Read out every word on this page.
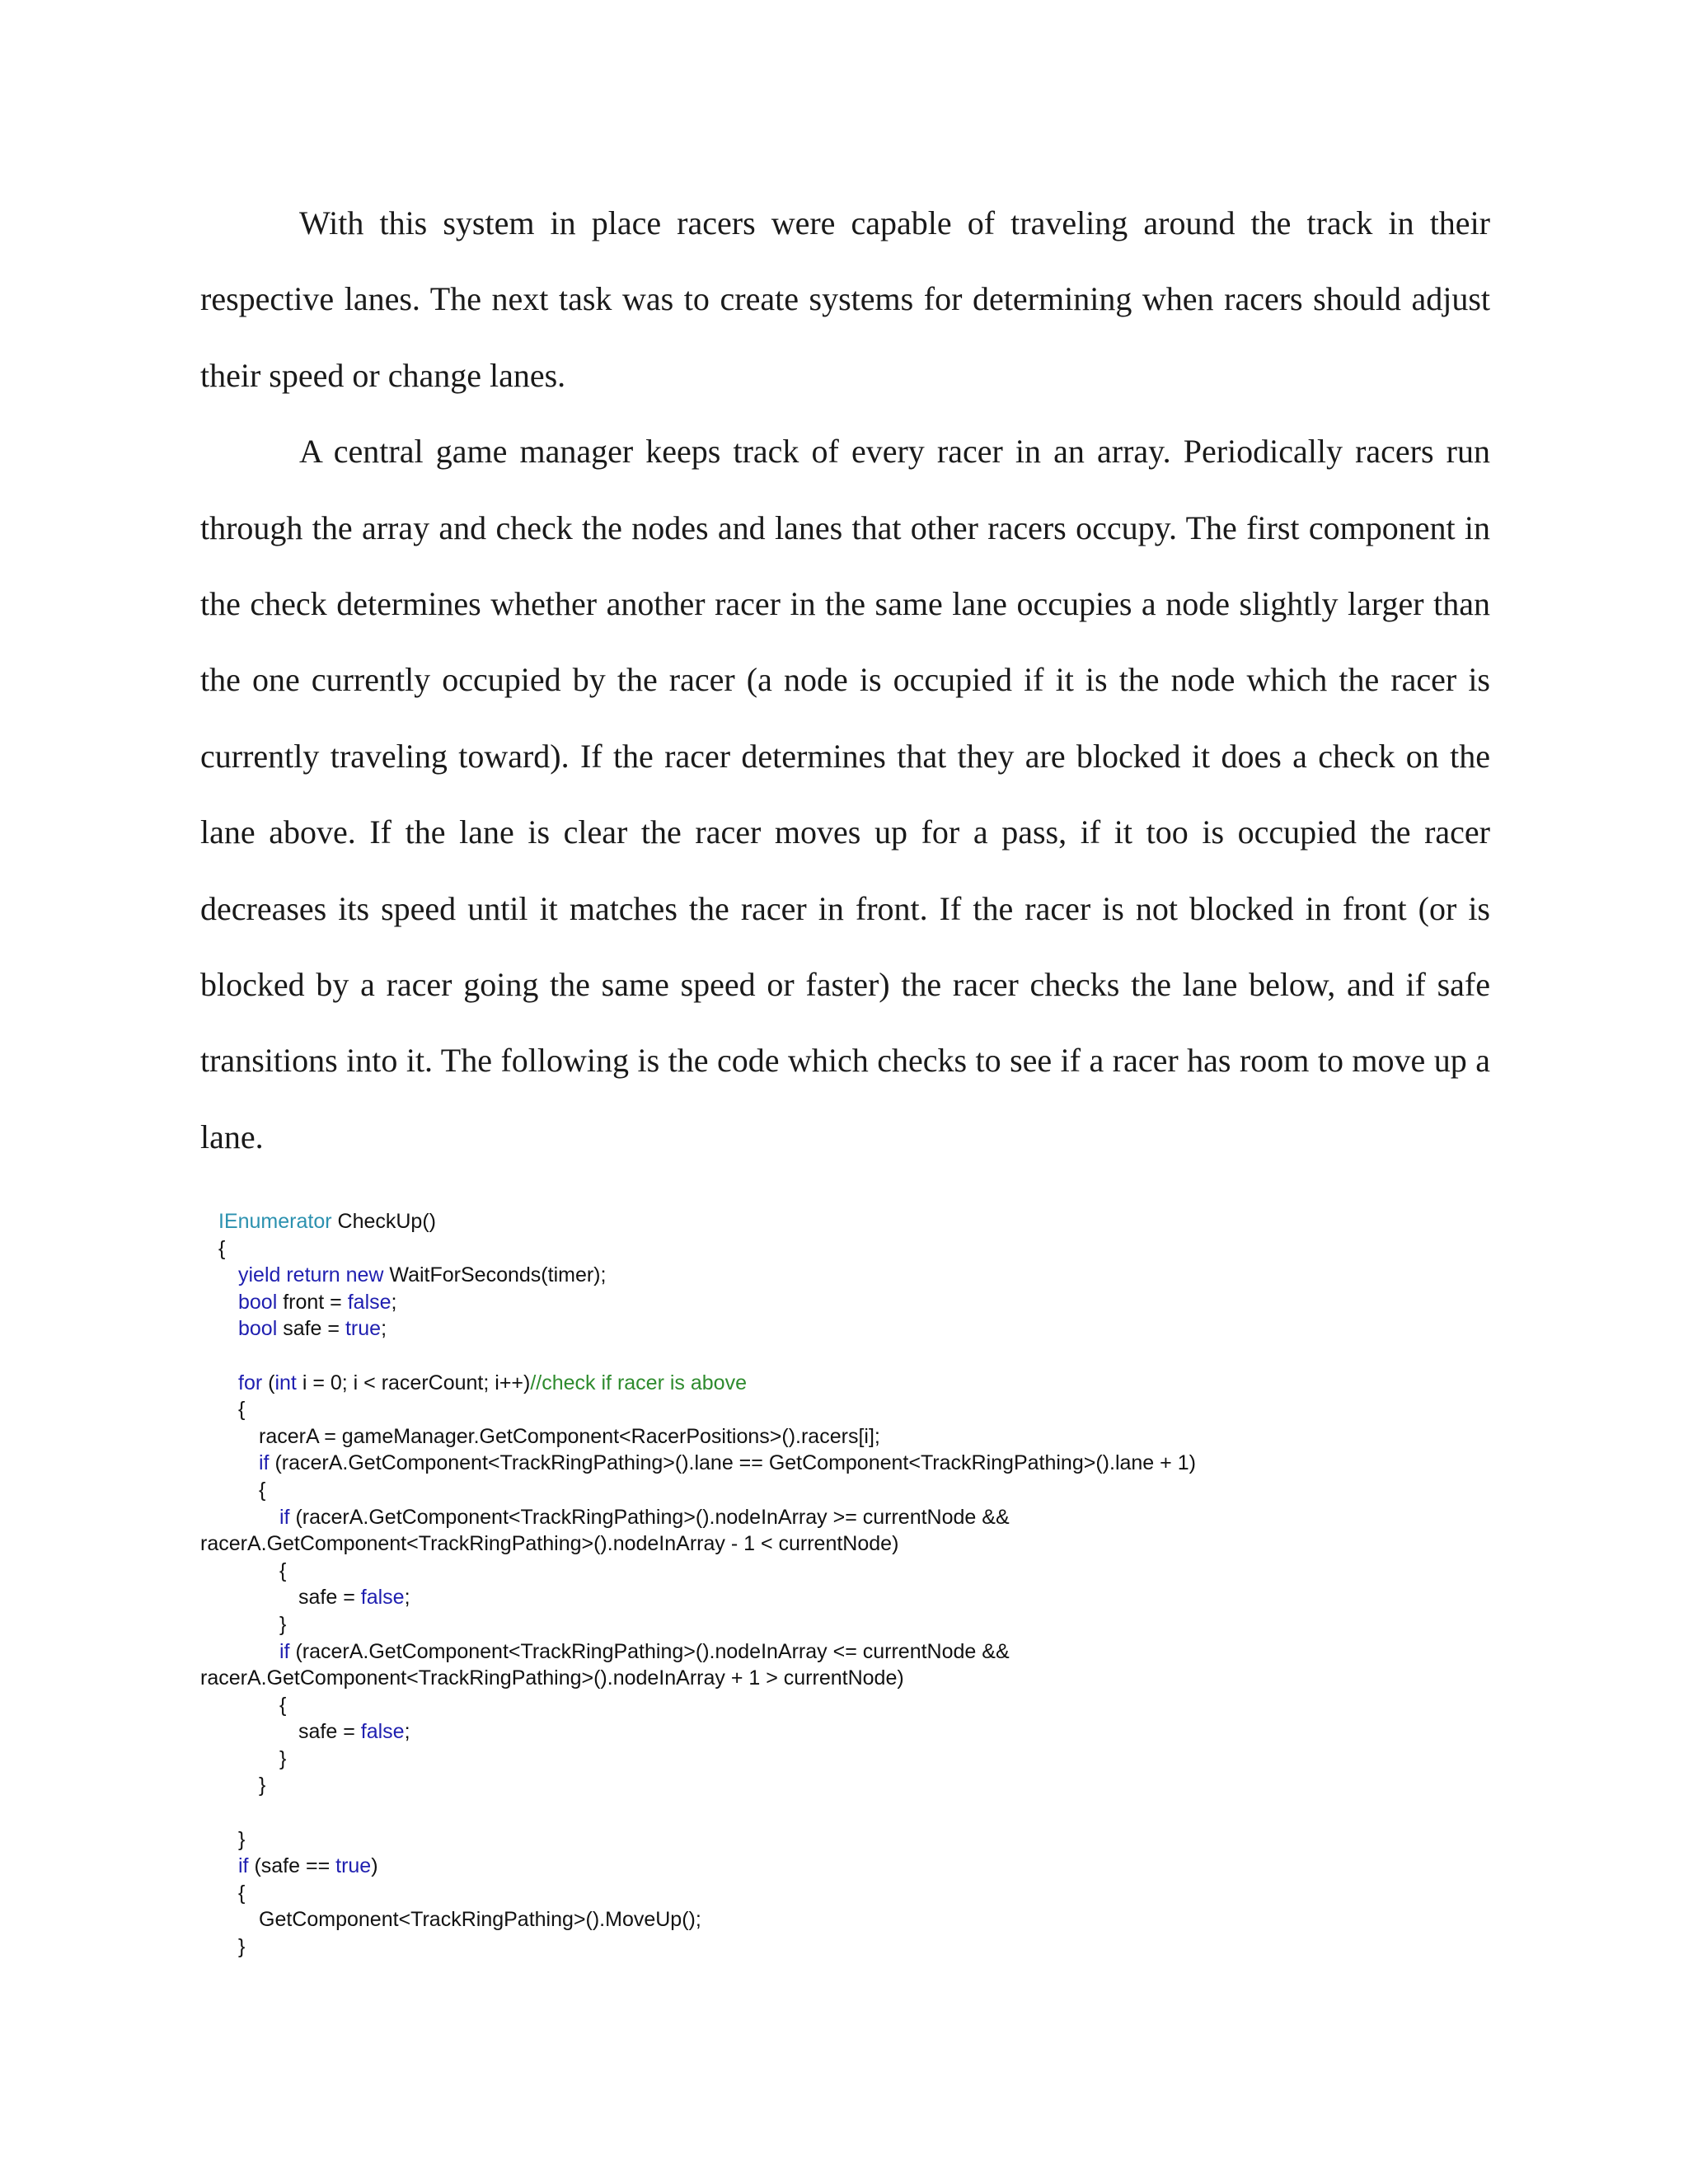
With this system in place racers were capable of traveling around the track in their respective lanes. The next task was to create systems for determining when racers should adjust their speed or change lanes.

A central game manager keeps track of every racer in an array. Periodically racers run through the array and check the nodes and lanes that other racers occupy. The first component in the check determines whether another racer in the same lane occupies a node slightly larger than the one currently occupied by the racer (a node is occupied if it is the node which the racer is currently traveling toward). If the racer determines that they are blocked it does a check on the lane above. If the lane is clear the racer moves up for a pass, if it too is occupied the racer decreases its speed until it matches the racer in front. If the racer is not blocked in front (or is blocked by a racer going the same speed or faster) the racer checks the lane below, and if safe transitions into it. The following is the code which checks to see if a racer has room to move up a lane.

IEnumerator CheckUp()
{
yield return new WaitForSeconds(timer);
bool front = false;
bool safe = true;
for (int i = 0; i < racerCount; i++)//check if racer is above
{
racerA = gameManager.GetComponent<RacerPositions>().racers[i];
if (racerA.GetComponent<TrackRingPathing>().lane == GetComponent<TrackRingPathing>().lane + 1)
{
if (racerA.GetComponent<TrackRingPathing>().nodeInArray >= currentNode &&
racerA.GetComponent<TrackRingPathing>().nodeInArray - 1 < currentNode)
{
safe = false;
}
if (racerA.GetComponent<TrackRingPathing>().nodeInArray <= currentNode &&
racerA.GetComponent<TrackRingPathing>().nodeInArray + 1 > currentNode)
{
safe = false;
}
}
}
if (safe == true)
{
GetComponent<TrackRingPathing>().MoveUp();
}
